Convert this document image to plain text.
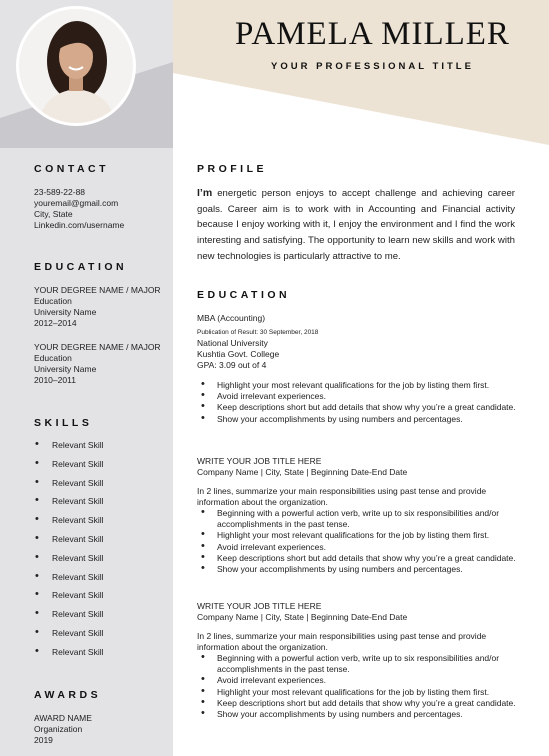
PAMELA MILLER
YOUR PROFESSIONAL TITLE
CONTACT
23-589-22-88
youremail@gmail.com
City, State
Linkedin.com/username
EDUCATION
YOUR DEGREE NAME / MAJOR
Education
University Name
2012–2014
YOUR DEGREE NAME / MAJOR
Education
University Name
2010–2011
SKILLS
• Relevant Skill
• Relevant Skill
• Relevant Skill
• Relevant Skill
• Relevant Skill
• Relevant Skill
• Relevant Skill
• Relevant Skill
• Relevant Skill
• Relevant Skill
• Relevant Skill
• Relevant Skill
AWARDS
AWARD NAME
Organization
2019
PROFILE
I’m energetic person enjoys to accept challenge and achieving career goals. Career aim is to work with in Accounting and Financial activity because I enjoy working with it, I enjoy the environment and I find the work interesting and satisfying. The opportunity to learn new skills and work with new technologies is particularly attractive to me.
EDUCATION
MBA (Accounting)
Publication of Result: 30 September, 2018
National University
Kushtia Govt. College
GPA: 3.09 out of 4
• Highlight your most relevant qualifications for the job by listing them first.
• Avoid irrelevant experiences.
• Keep descriptions short but add details that show why you’re a great candidate.
• Show your accomplishments by using numbers and percentages.
WRITE YOUR JOB TITLE HERE
Company Name | City, State | Beginning Date-End Date
In 2 lines, summarize your main responsibilities using past tense and provide information about the organization.
• Beginning with a powerful action verb, write up to six responsibilities and/or accomplishments in the past tense.
• Highlight your most relevant qualifications for the job by listing them first.
• Avoid irrelevant experiences.
• Keep descriptions short but add details that show why you’re a great candidate.
• Show your accomplishments by using numbers and percentages.
WRITE YOUR JOB TITLE HERE
Company Name | City, State | Beginning Date-End Date
In 2 lines, summarize your main responsibilities using past tense and provide information about the organization.
• Beginning with a powerful action verb, write up to six responsibilities and/or accomplishments in the past tense.
• Avoid irrelevant experiences.
• Highlight your most relevant qualifications for the job by listing them first.
• Keep descriptions short but add details that show why you’re a great candidate.
• Show your accomplishments by using numbers and percentages.
